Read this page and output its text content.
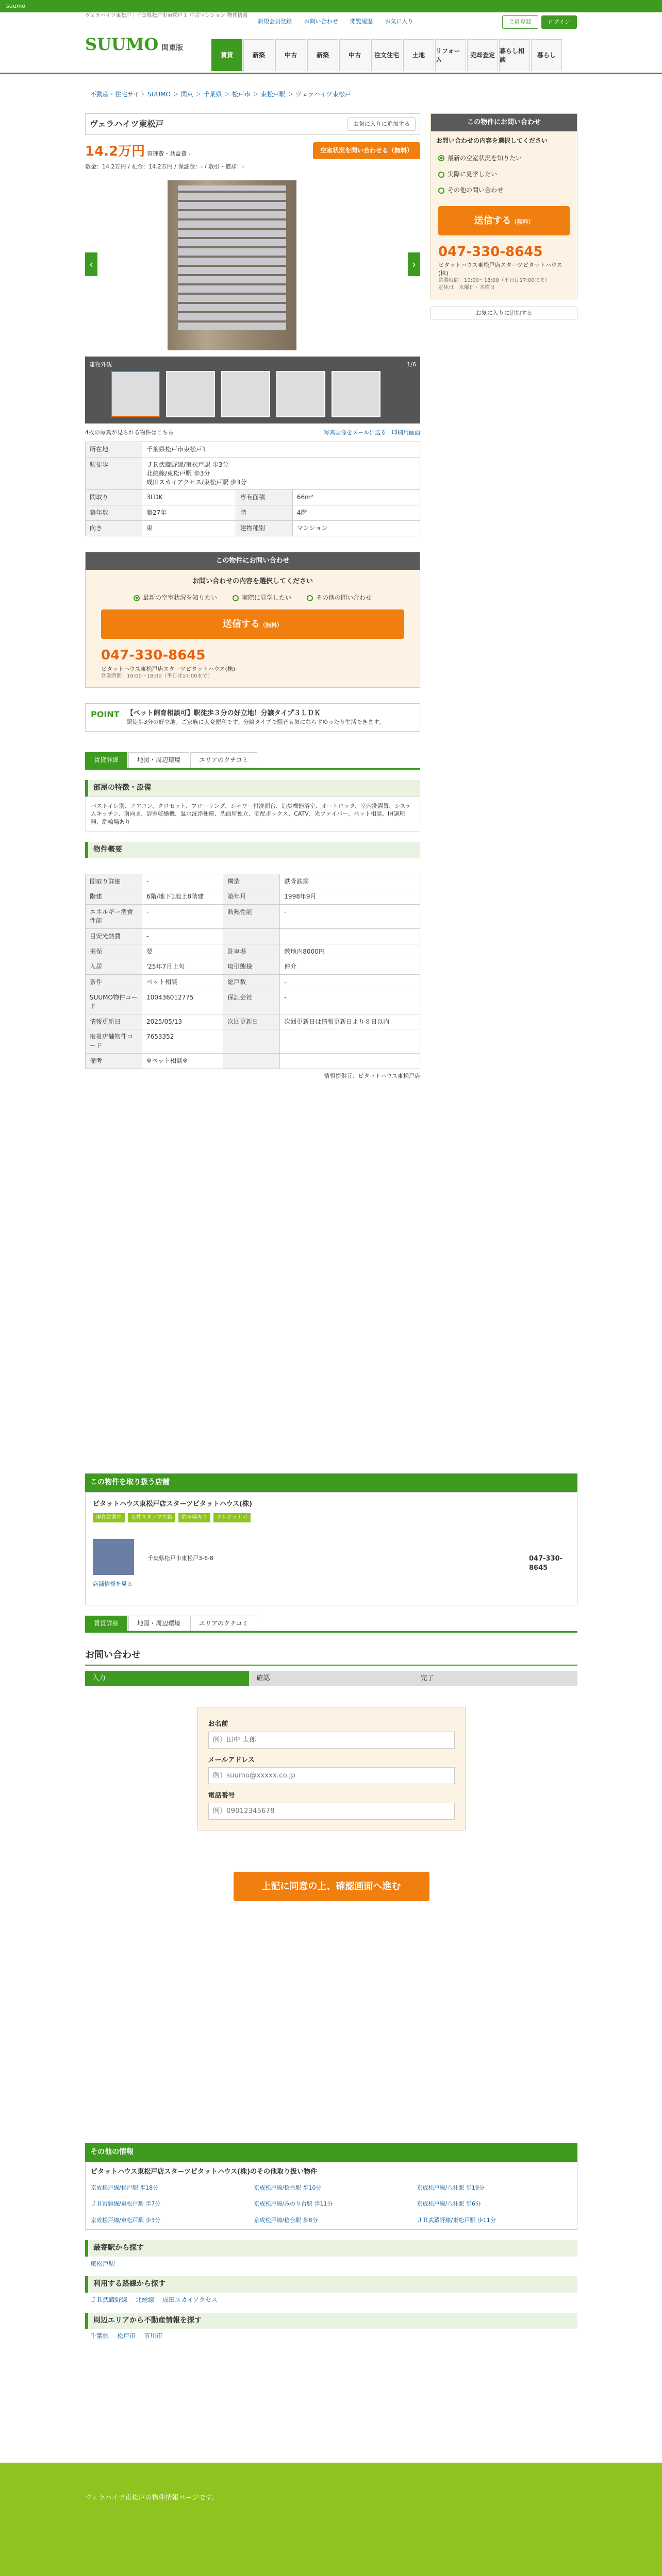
suumo
ヴェラハイツ東松戸｜千葉県松戸市東松戸１ 中古マンション 物件情報
SUUMO 関東版
新規会員登録 お問い合わせ 閲覧履歴 お気に入り	会員登録	ログイン
賃貸	新築	中古	新築	中古	注文住宅	土地
リフォーム
売却査定
暮らし相談
暮らし
不動産・住宅サイト SUUMO ＞ 関東 ＞ 千葉県 ＞ 松戸市 ＞ 東松戸駅 ＞ ヴェラハイツ東松戸
ヴェラハイツ東松戸	お気に入りに追加する
14.2万円 管理費・共益費 -
敷金：14.2万円 / 礼金：14.2万円 / 保証金：- / 敷引・償却：-
空室状況を問い合わせる（無料）
‹	›
建物外観	1/6
4枚の写真が見られる物件はこちら	写真画像をメールに送る　 印刷用画面
所在地	千葉県松戸市東松戸1		
駅徒歩	ＪＲ武蔵野線/東松戸駅 歩3分
北総線/東松戸駅 歩3分
成田スカイアクセス/東松戸駅 歩3分		
間取り	3LDK	専有面積	66m²
築年数	築27年	階	4階
向き	東	建物種別	マンション
この物件にお問い合わせ
お問い合わせの内容を選択してください
最新の空室状況を知りたい	実際に見学したい	その他の問い合わせ
送信する（無料）
047-330-8645
ビタットハウス東松戸店スターツピタットハウス(株)
営業時間：10:00〜18:00（平日は17:00まで）
POINT 【ペット飼育相談可】駅徒歩３分の好立地！分譲タイプ３ＬＤＫ
駅徒歩3分の好立地。ご家族に大変便利です。分譲タイプで騒音も気にならずゆったり生活できます。
賃貸詳細	地図・周辺環境	エリアのクチコミ
部屋の特徴・設備
バストイレ別、エアコン、クロゼット、フローリング、シャワー付洗面台、追焚機能浴室、オートロック、室内洗濯置、システムキッチン、南向き、浴室乾燥機、温水洗浄便座、洗面所独立、宅配ボックス、CATV、光ファイバー、ペット相談、IH調理器、駐輪場あり
物件概要
間取り詳細	-	構造	鉄骨鉄筋
階建	6階/地下1地上8階建	築年月	1998年9月
エネルギー消費性能	-	断熱性能	-
目安光熱費	-		
損保	要	駐車場	敷地内8000円
入居	'25年7月上旬	取引態様	仲介
条件	ペット相談	総戸数	-
SUUMO物件コード	100436012775	保証会社	-
情報更新日	2025/05/13	次回更新日	次回更新日は情報更新日より８日以内
取扱店舗物件コード	7653352		
備考	※ペット相談※		
情報提供元：ピタットハウス東松戸店
この物件にお問い合わせ
お問い合わせの内容を選択してください
最新の空室状況を知りたい
実際に見学したい
その他の問い合わせ
送信する（無料）
047-330-8645
ビタットハウス東松戸店スターツピタットハウス(株)
営業時間：10:00〜18:00（平日は17:00まで）
定休日：水曜日・木曜日
お気に入りに追加する
この物件を取り扱う店舗
ピタットハウス東松戸店スターツピタットハウス(株)
現在営業中	女性スタッフ在籍	駐車場あり	クレジット可
店舗情報を見る
千葉県松戸市東松戸3-6-8	047-330-8645
賃貸詳細	地図・周辺環境	エリアのクチコミ
お問い合わせ
入力	確認	完了
お名前
例）田中 太郎
メールアドレス
例）suumo@xxxxx.co.jp
電話番号
例）09012345678
上記に同意の上、確認画面へ進む
その他の情報
ピタットハウス東松戸店スターツピタットハウス(株)のその他取り扱い物件
京成松戸線/松戸駅 歩18分	京成松戸線/稔台駅 歩10分	京成松戸線/八柱駅 歩19分
ＪＲ常磐線/東松戸駅 歩7分	京成松戸線/みのり台駅 歩11分	京成松戸線/八柱駅 歩6分
京成松戸線/東松戸駅 歩3分	京成松戸線/稔台駅 歩8分	ＪＲ武蔵野線/東松戸駅 歩11分
最寄駅から探す
東松戸駅
利用する路線から探す
ＪＲ武蔵野線 北総線 成田スカイアクセス
周辺エリアから不動産情報を探す
千葉県 松戸市 市川市
ヴェラハイツ東松戸の物件情報ページです。
